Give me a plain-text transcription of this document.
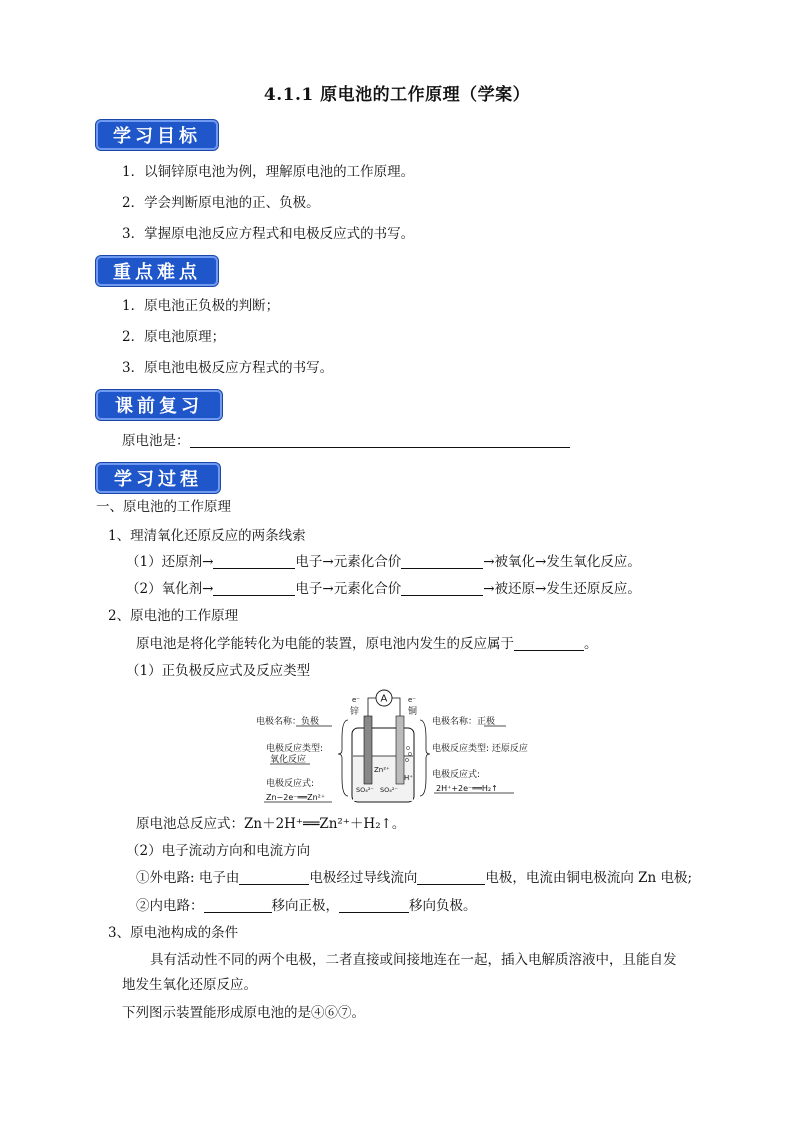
4.1.1 原电池的工作原理（学案）
学习目标
1．以铜锌原电池为例，理解原电池的工作原理。
2．学会判断原电池的正、负极。
3．掌握原电池反应方程式和电极反应式的书写。
重点难点
1．原电池正负极的判断；
2．原电池原理；
3．原电池电极反应方程式的书写。
课前复习
原电池是：
学习过程
一、原电池的工作原理
1、理清氧化还原反应的两条线索
（1）还原剂→	电子→元素化合价	→被氧化→发生氧化反应。
（2）氧化剂→	电子→元素化合价	→被还原→发生还原反应。
2、原电池的工作原理
原电池是将化学能转化为电能的装置，原电池内发生的反应属于	。
（1）正负极反应式及反应类型
电极名称：负极
电极反应类型:
氧化反应
电极反应式:
Zn−2e⁻══Zn²⁺
A
e⁻	e⁻
锌	铜
Zn²⁺
SO₄²⁻ SO₄²⁻
H⁺
电极名称：正极
电极反应类型: 还原反应
电极反应式:
2H⁺+2e⁻══H₂↑
原电池总反应式：Zn＋2H⁺══Zn²⁺＋H₂↑。
（2）电子流动方向和电流方向
①外电路: 电子由	电极经过导线流向	电极，电流由铜电极流向 Zn 电极;
②内电路：	移向正极，	移向负极。
3、原电池构成的条件
具有活动性不同的两个电极，二者直接或间接地连在一起，插入电解质溶液中，且能自发
地发生氧化还原反应。
下列图示装置能形成原电池的是④⑥⑦。
